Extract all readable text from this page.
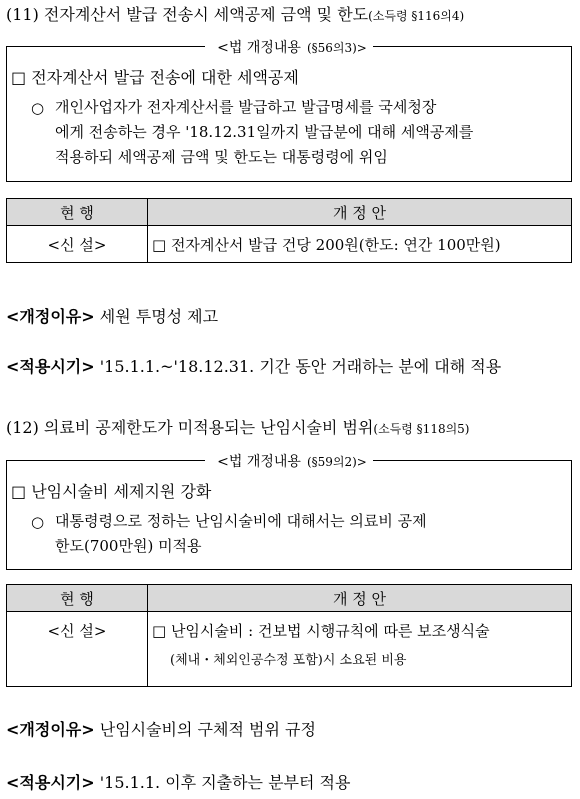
(11) 전자계산서 발급 전송시 세액공제 금액 및 한도(소득령 §116의4)
<법 개정내용 (§56의3)>
□ 전자계산서 발급 전송에 대한 세액공제
○ 개인사업자가 전자계산서를 발급하고 발급명세를 국세청장
에게 전송하는 경우 '18.12.31일까지 발급분에 대해 세액공제를
적용하되 세액공제 금액 및 한도는 대통령령에 위임
현 행	개 정 안
<신 설>	□ 전자계산서 발급 건당 200원(한도: 연간 100만원)
<개정이유> 세원 투명성 제고
<적용시기> '15.1.1.~'18.12.31. 기간 동안 거래하는 분에 대해 적용
(12) 의료비 공제한도가 미적용되는 난임시술비 범위(소득령 §118의5)
<법 개정내용 (§59의2)>
□ 난임시술비 세제지원 강화
○ 대통령령으로 정하는 난임시술비에 대해서는 의료비 공제
한도(700만원) 미적용
현 행	개 정 안
<신 설>	□ 난임시술비 : 건보법 시행규칙에 따른 보조생식술
(체내・체외인공수정 포함)시 소요된 비용
<개정이유> 난임시술비의 구체적 범위 규정
<적용시기> '15.1.1. 이후 지출하는 분부터 적용
